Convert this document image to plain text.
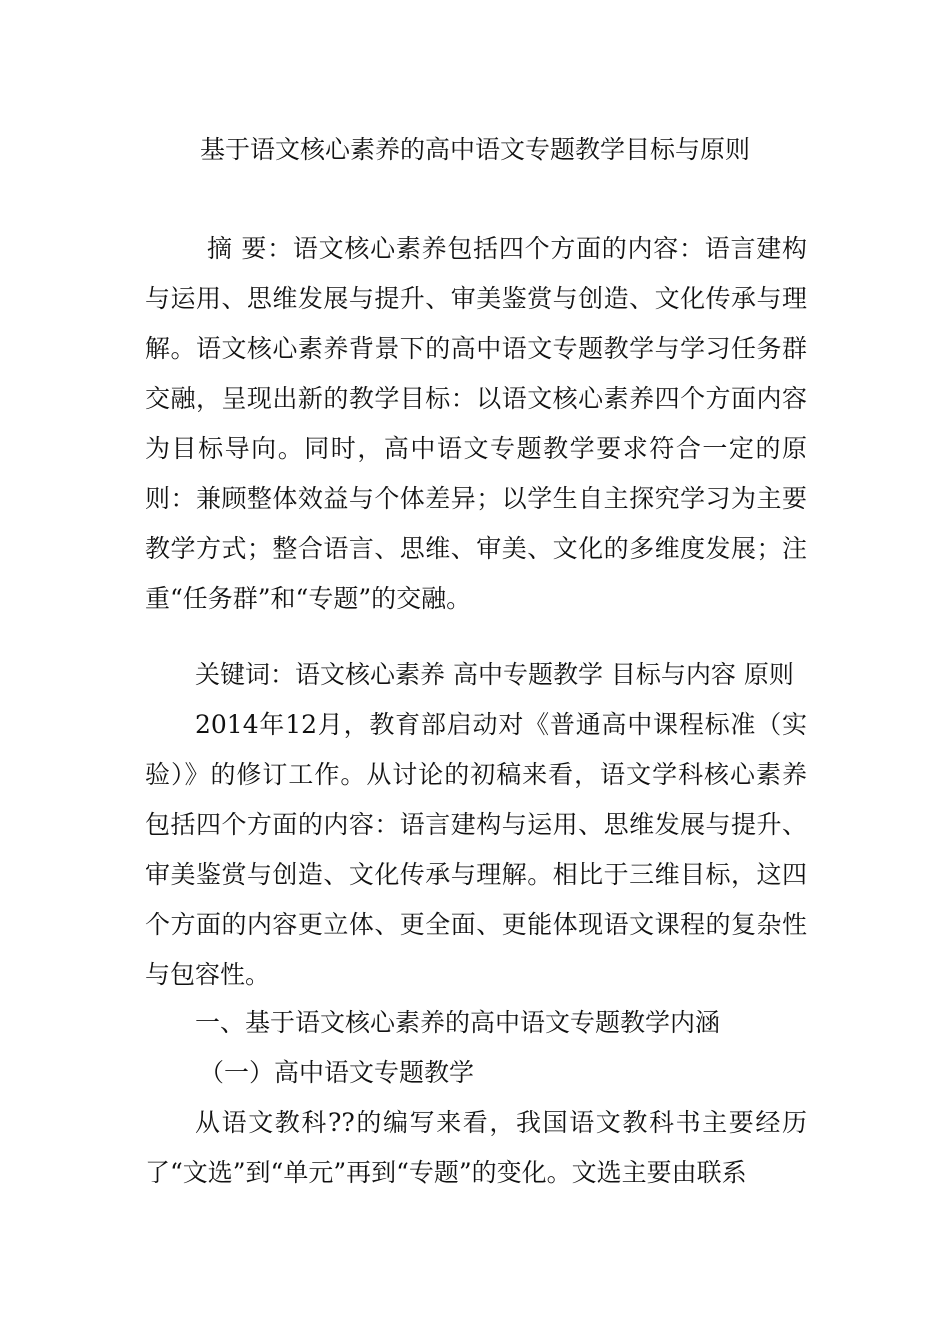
基于语文核心素养的高中语文专题教学目标与原则
摘 要：语文核心素养包括四个方面的内容：语言建构与运用、思维发展与提升、审美鉴赏与创造、文化传承与理解。语文核心素养背景下的高中语文专题教学与学习任务群交融，呈现出新的教学目标：以语文核心素养四个方面内容为目标导向。同时，高中语文专题教学要求符合一定的原则：兼顾整体效益与个体差异；以学生自主探究学习为主要教学方式；整合语言、思维、审美、文化的多维度发展；注重“任务群”和“专题”的交融。
关键词：语文核心素养 高中专题教学 目标与内容 原则
2014年12月，教育部启动对《普通高中课程标准（实验）》的修订工作。从讨论的初稿来看，语文学科核心素养包括四个方面的内容：语言建构与运用、思维发展与提升、审美鉴赏与创造、文化传承与理解。相比于三维目标，这四个方面的内容更立体、更全面、更能体现语文课程的复杂性与包容性。
一、基于语文核心素养的高中语文专题教学内涵
（一）高中语文专题教学
从语文教科??的编写来看，我国语文教科书主要经历了“文选”到“单元”再到“专题”的变化。文选主要由联系
